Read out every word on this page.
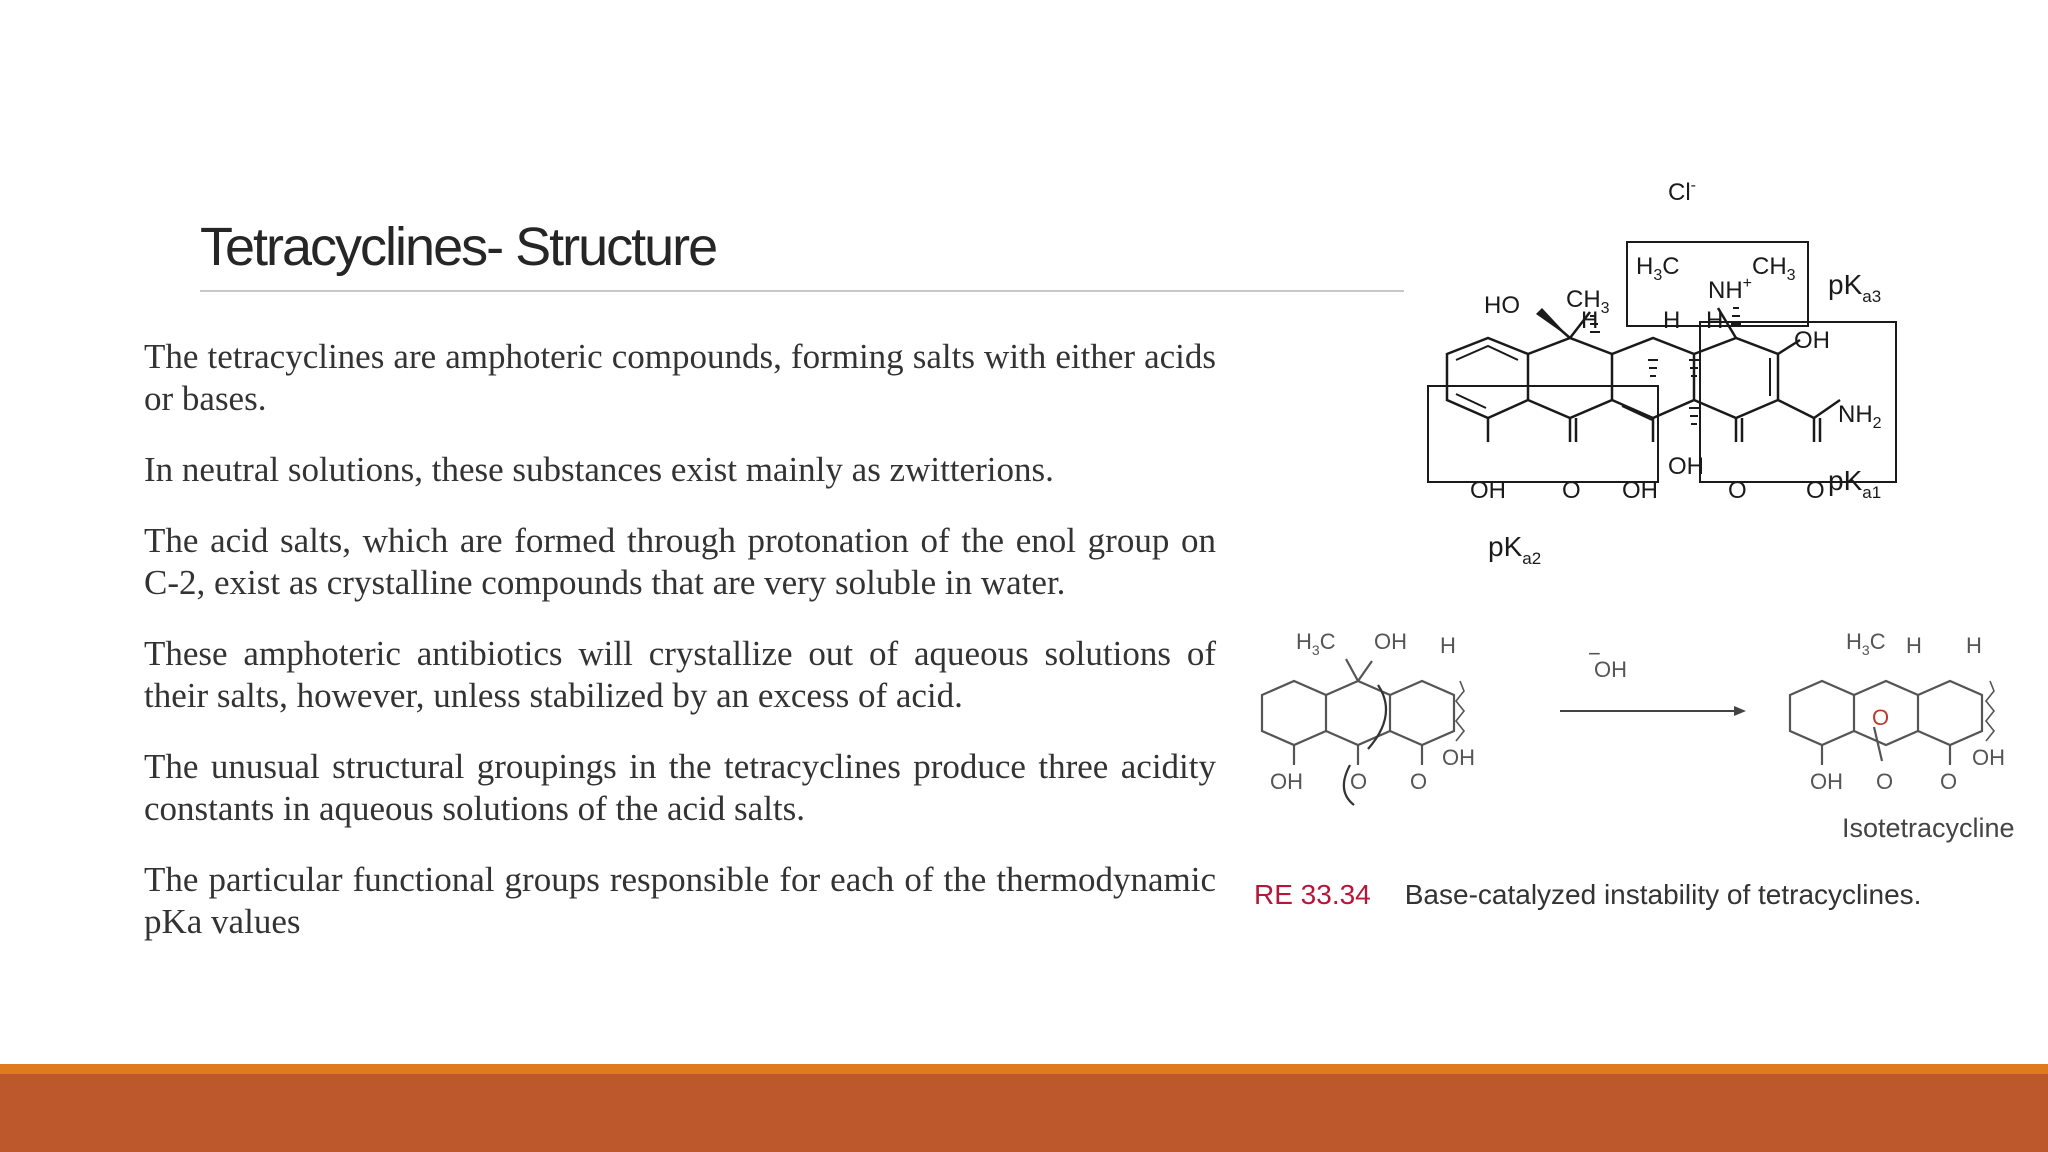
Tetracyclines- Structure

The tetracyclines are amphoteric compounds, forming salts with either acids or bases.

In neutral solutions, these substances exist mainly as zwitterions.

The acid salts, which are formed through protonation of the enol group on C-2, exist as crystalline compounds that are very soluble in water.

These amphoteric antibiotics will crystallize out of aqueous solutions of their salts, however, unless stabilized by an excess of acid.

The unusual structural groupings in the tetracyclines produce three acidity constants in aqueous solutions of the acid salts.

The particular functional groups responsible for each of the thermodynamic pKa values

Cl-
HO $CH_3$
H	H
$H_3C$
NH+
$CH_3$
H
OH
$NH_2$
OH O OH
OH
O O
$pK_{a3}$
$pK_{a1}$
$pK_{a2}$
$H_3C$ OH H
OH O O
OH
−
OH
$H_3C$ H H
OH O O
OH
O
Isotetracycline
RE 33.34 Base-catalyzed instability of tetracyclines.
